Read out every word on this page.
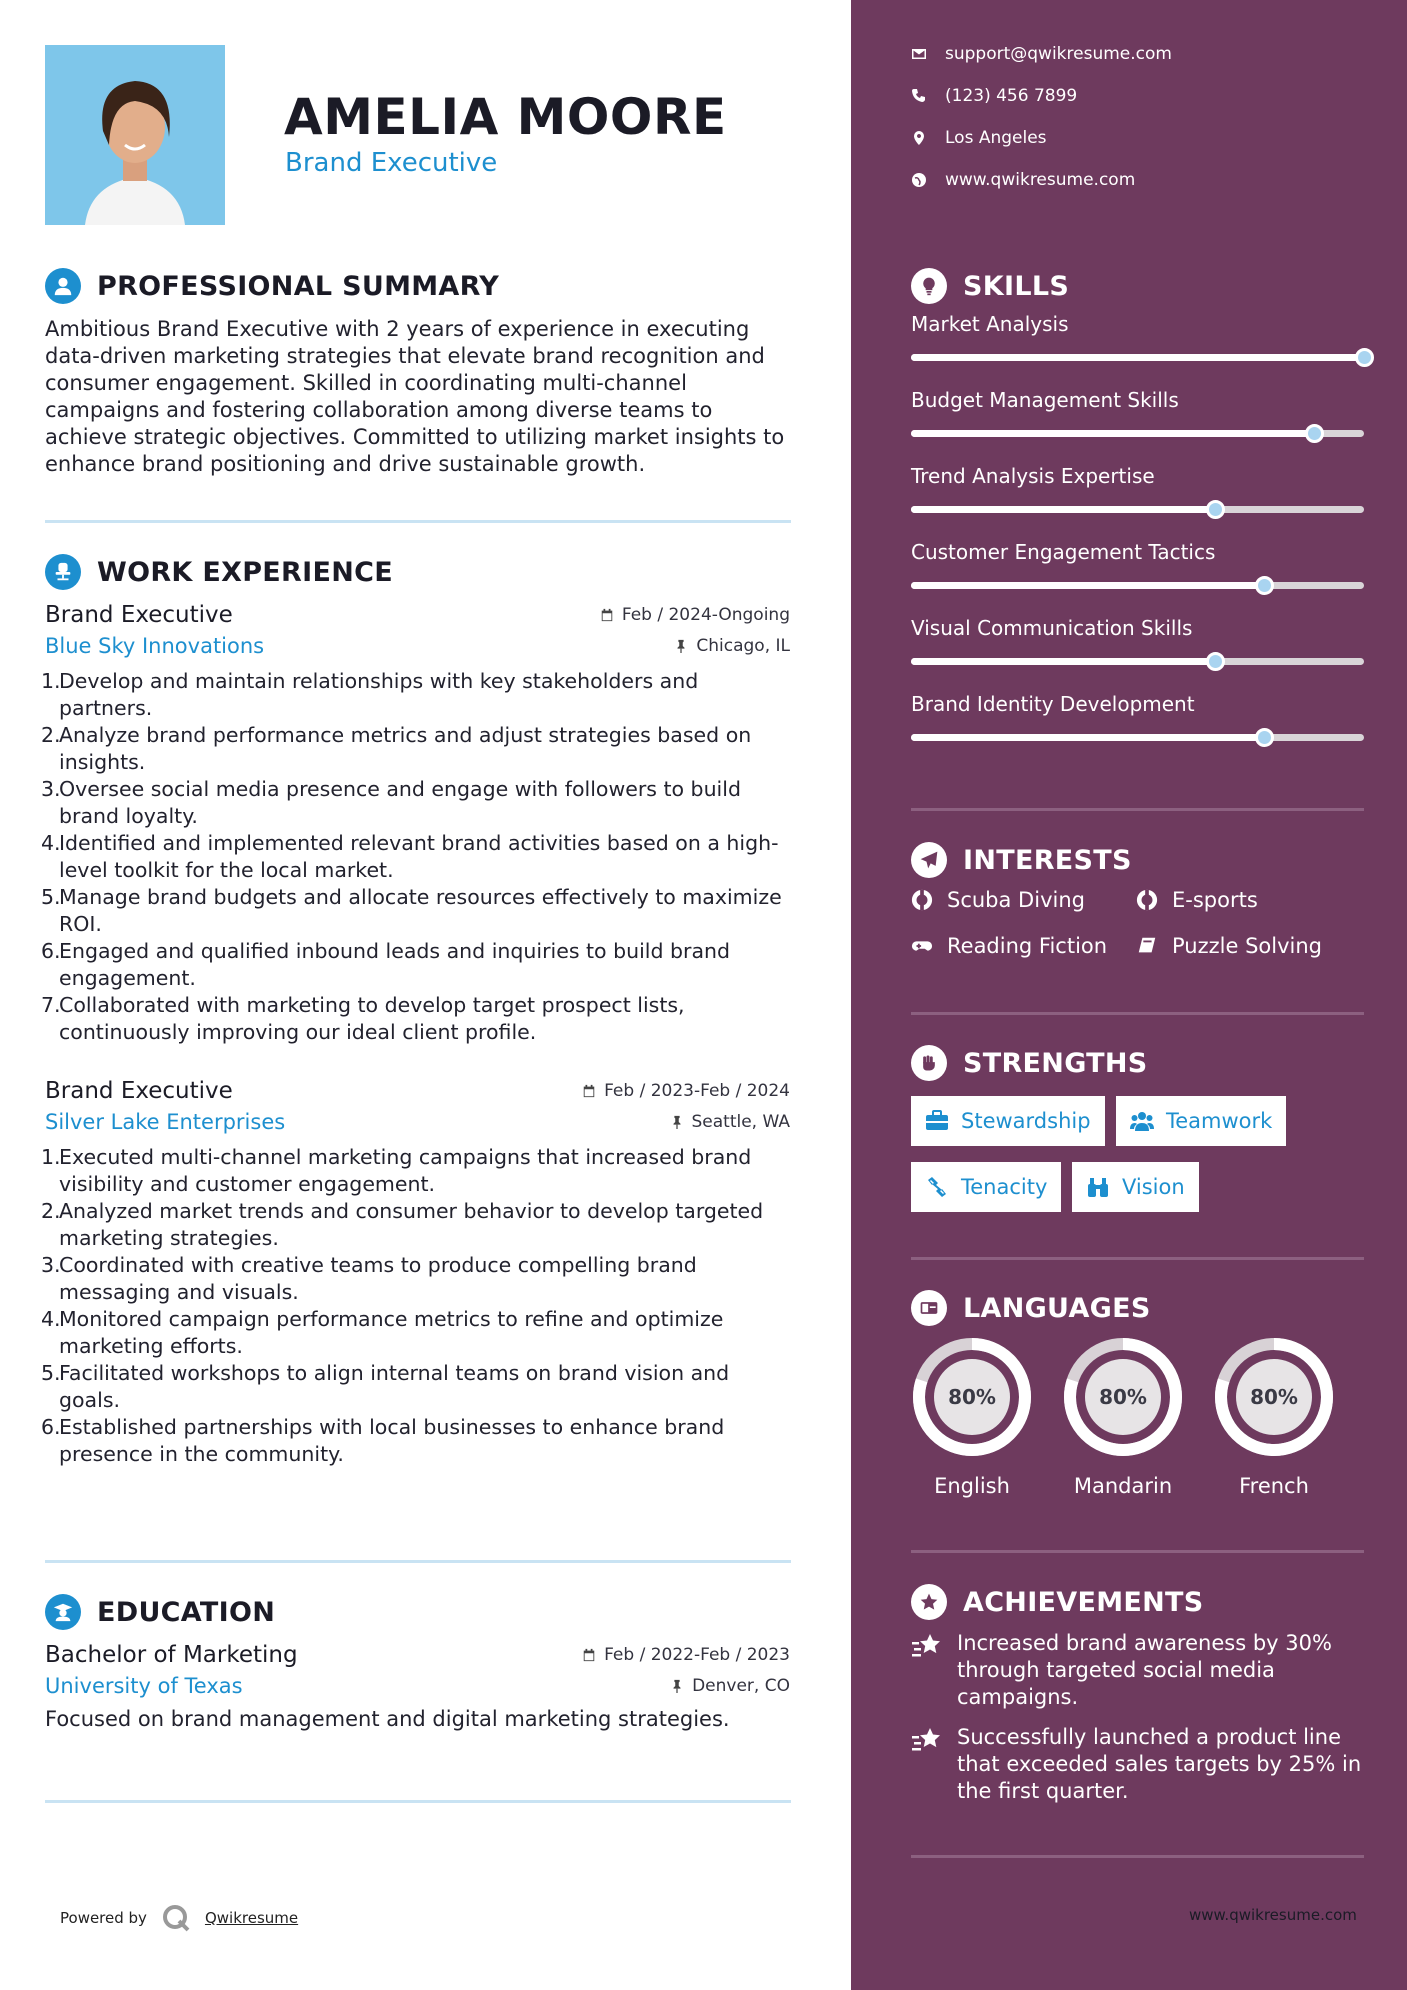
AMELIA MOORE
Brand Executive
PROFESSIONAL SUMMARY
Ambitious Brand Executive with 2 years of experience in executing data-driven marketing strategies that elevate brand recognition and consumer engagement. Skilled in coordinating multi-channel campaigns and fostering collaboration among diverse teams to achieve strategic objectives. Committed to utilizing market insights to enhance brand positioning and drive sustainable growth.
WORK EXPERIENCE
Brand Executive	Feb / 2024-Ongoing
Blue Sky Innovations	Chicago, IL
1.
Develop and maintain relationships with key stakeholders and partners.
2.
Analyze brand performance metrics and adjust strategies based on insights.
3.
Oversee social media presence and engage with followers to build brand loyalty.
4.
Identified and implemented relevant brand activities based on a high-level toolkit for the local market.
5.
Manage brand budgets and allocate resources effectively to maximize ROI.
6.
Engaged and qualified inbound leads and inquiries to build brand engagement.
7.
Collaborated with marketing to develop target prospect lists, continuously improving our ideal client profile.
Brand Executive	Feb / 2023-Feb / 2024
Silver Lake Enterprises	Seattle, WA
1.
Executed multi-channel marketing campaigns that increased brand visibility and customer engagement.
2.
Analyzed market trends and consumer behavior to develop targeted marketing strategies.
3.
Coordinated with creative teams to produce compelling brand messaging and visuals.
4.
Monitored campaign performance metrics to refine and optimize marketing efforts.
5.
Facilitated workshops to align internal teams on brand vision and goals.
6.
Established partnerships with local businesses to enhance brand presence in the community.
EDUCATION
Bachelor of Marketing	Feb / 2022-Feb / 2023
University of Texas	Denver, CO
Focused on brand management and digital marketing strategies.
Powered by	Qwikresume
support@qwikresume.com
(123) 456 7899
Los Angeles
www.qwikresume.com
SKILLS
Market Analysis
Budget Management Skills
Trend Analysis Expertise
Customer Engagement Tactics
Visual Communication Skills
Brand Identity Development
INTERESTS
Scuba Diving	E-sports
Reading Fiction	Puzzle Solving
STRENGTHS
Stewardship	Teamwork
Tenacity	Vision
LANGUAGES
80%
English
80%
Mandarin
80%
French
ACHIEVEMENTS
Increased brand awareness by 30% through targeted social media campaigns.
Successfully launched a product line that exceeded sales targets by 25% in the first quarter.
www.qwikresume.com
